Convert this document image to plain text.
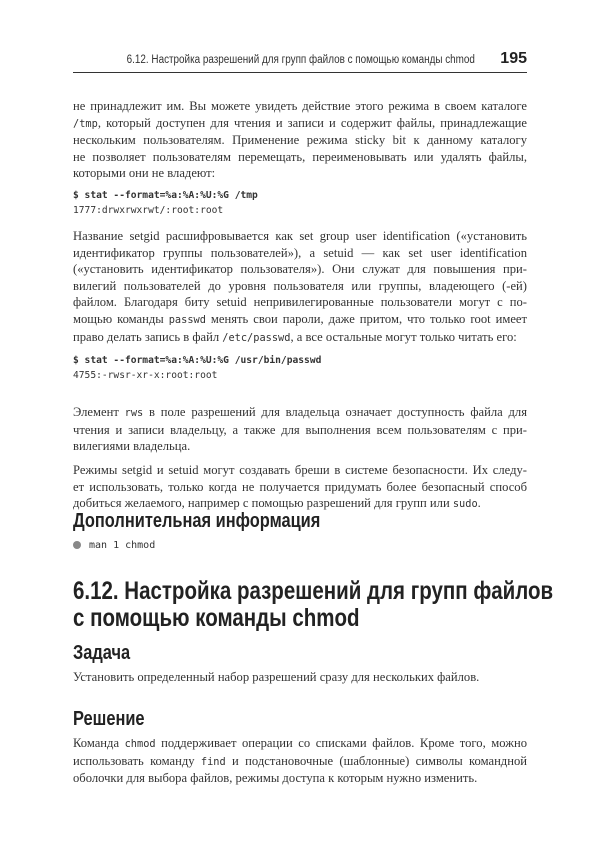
6.12. Настройка разрешений для групп файлов с помощью команды chmod 195
не принадлежит им. Вы можете увидеть действие этого режима в своем каталоге
/tmp, который доступен для чтения и записи и содержит файлы, принадлежащие
нескольким пользователям. Применение режима sticky bit к данному каталогу
не позволяет пользователям перемещать, переименовывать или удалять файлы,
которыми они не владеют:
$ stat --format=%a:%A:%U:%G /tmp
1777:drwxrwxrwt/:root:root
Название setgid расшифровывается как set group user identification («установить
идентификатор группы пользователей»), а setuid — как set user identification
(«установить идентификатор пользователя»). Они служат для повышения при-
вилегий пользователей до уровня пользователя или группы, владеющего (-ей)
файлом. Благодаря биту setuid непривилегированные пользователи могут с по-
мощью команды passwd менять свои пароли, даже притом, что только root имеет
право делать запись в файл /etc/passwd, а все остальные могут только читать его:
$ stat --format=%a:%A:%U:%G /usr/bin/passwd
4755:-rwsr-xr-x:root:root
Элемент rws в поле разрешений для владельца означает доступность файла для
чтения и записи владельцу, а также для выполнения всем пользователям с при-
вилегиями владельца.
Режимы setgid и setuid могут создавать бреши в системе безопасности. Их следу-
ет использовать, только когда не получается придумать более безопасный способ
добиться желаемого, например с помощью разрешений для групп или sudo.
Дополнительная информация
man 1 chmod
6.12. Настройка разрешений для групп файлов
с помощью команды chmod
Задача
Установить определенный набор разрешений сразу для нескольких файлов.
Решение
Команда chmod поддерживает операции со списками файлов. Кроме того, можно
использовать команду find и подстановочные (шаблонные) символы командной
оболочки для выбора файлов, режимы доступа к которым нужно изменить.
